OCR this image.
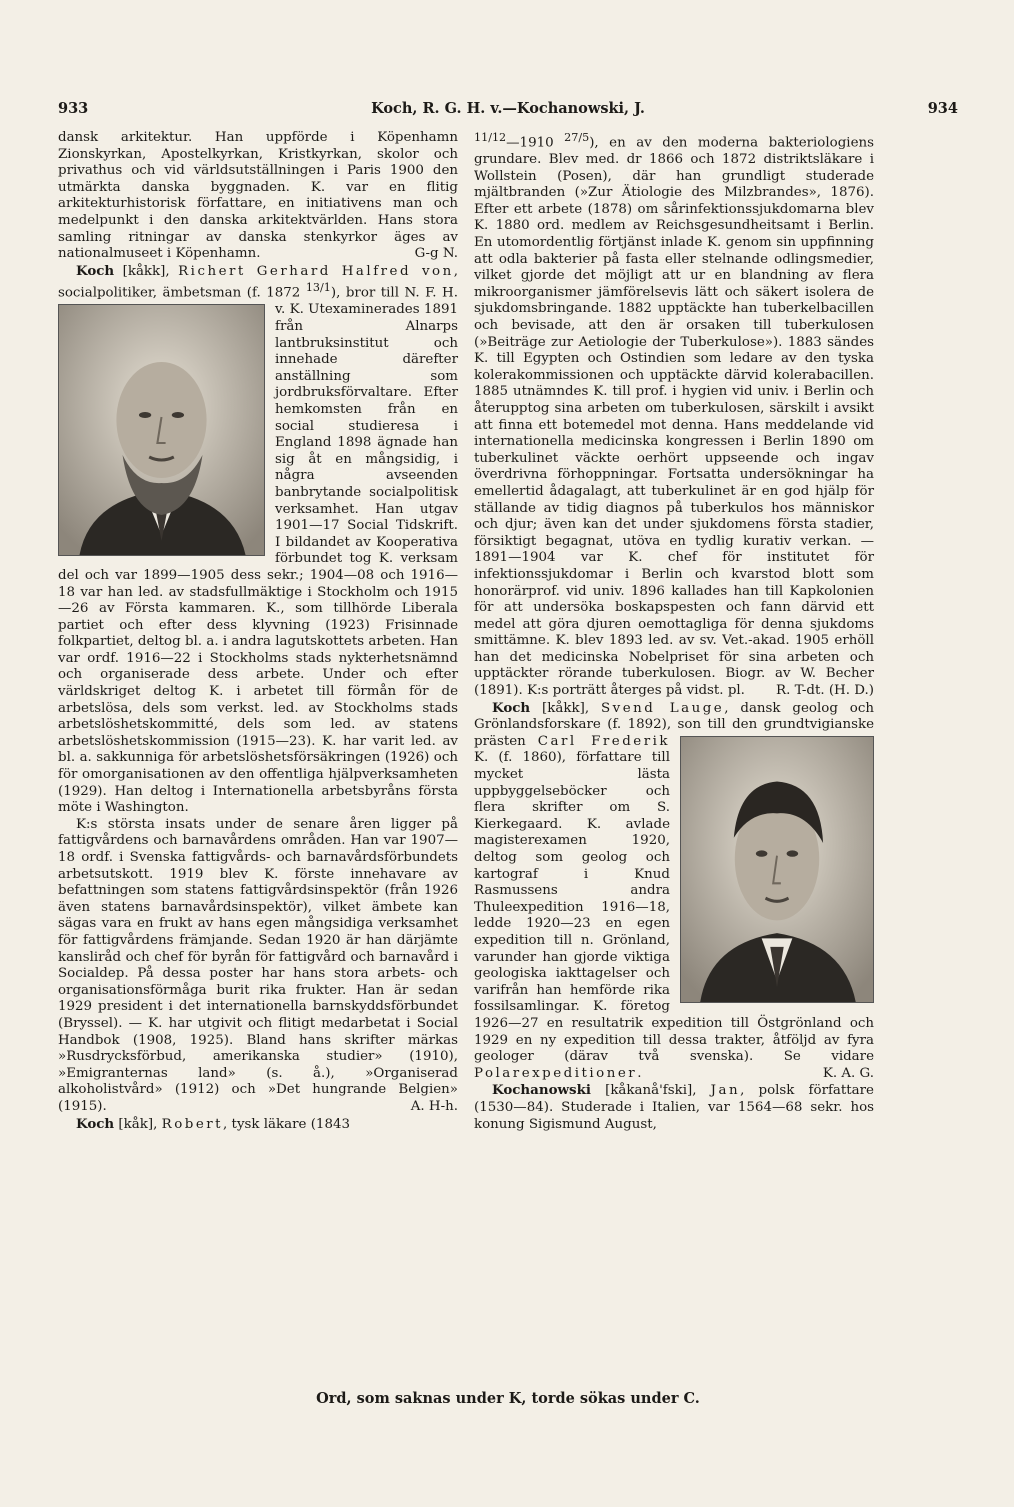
933	Koch, R. G. H. v.—Kochanowski, J.	934

dansk arkitektur. Han uppförde i Köpenhamn Zionskyrkan, Apostelkyrkan, Kristkyrkan, skolor och privathus och vid världsutställningen i Paris 1900 den utmärkta danska byggnaden. K. var en flitig arkitekturhistorisk författare, en initiativens man och medelpunkt i den danska arkitektvärlden. Hans stora samling ritningar av danska stenkyrkor äges av nationalmuseet i Köpenhamn.	G-g N.

Koch [kåkk], Richert Gerhard Halfred von, socialpolitiker, ämbetsman (f. 1872 $^{13/1}$
), bror till N. F. H. v. K. Utexaminerades 1891 från Alnarps lantbruksinstitut och innehade därefter anställning som jordbruksförvaltare. Efter hemkomsten från en social studieresa i England 1898 ägnade han sig åt en mångsidig, i några avseenden banbrytande socialpolitisk verksamhet. Han utgav 1901—17 Social Tidskrift. I bildandet av Kooperativa förbundet tog K. verksam del och var 1899—1905 dess sekr.; 1904—08 och 1916—18 var han led. av stadsfullmäktige i Stockholm och 1915—26 av Första kammaren. K., som tillhörde Liberala partiet och efter dess klyvning (1923) Frisinnade folkpartiet, deltog bl. a. i andra lagutskottets arbeten. Han var ordf. 1916—22 i Stockholms stads nykterhetsnämnd och organiserade dess arbete. Under och efter världskriget deltog K. i arbetet till förmån för de arbetslösa, dels som verkst. led. av Stockholms stads arbetslöshetskommitté, dels som led. av statens arbetslöshetskommission (1915—23). K. har varit led. av bl. a. sakkunniga för arbetslöshetsförsäkringen (1926) och för omorganisationen av den offentliga hjälpverksamheten (1929). Han deltog i Internationella arbetsbyråns första möte i Washington.

K:s största insats under de senare åren ligger på fattigvårdens och barnavårdens områden. Han var 1907—18 ordf. i Svenska fattigvårds- och barnavårdsförbundets arbetsutskott. 1919 blev K. förste innehavare av befattningen som statens fattigvårdsinspektör (från 1926 även statens barnavårdsinspektör), vilket ämbete kan sägas vara en frukt av hans egen mångsidiga verksamhet för fattigvårdens främjande. Sedan 1920 är han därjämte kansliråd och chef för byrån för fattigvård och barnavård i Socialdep. På dessa poster har hans stora arbets- och organisationsförmåga burit rika frukter. Han är sedan 1929 president i det internationella barnskyddsförbundet (Bryssel). — K. har utgivit och flitigt medarbetat i Social Handbok (1908, 1925). Bland hans skrifter märkas »Rusdrycksförbud, amerikanska studier» (1910), »Emigranternas land» (s. å.), »Organiserad alkoholistvård» (1912) och »Det hungrande Belgien» (1915).	A. H-h.

Koch [kåk], Robert, tysk läkare (1843

$^{11/12}$—1910 $^{27/5}$), en av den moderna bakteriologiens grundare. Blev med. dr 1866 och 1872 distriktsläkare i Wollstein (Posen), där han grundligt studerade mjältbranden (»Zur Ätiologie des Milzbrandes», 1876). Efter ett arbete (1878) om sårinfektionssjukdomarna blev K. 1880 ord. medlem av Reichsgesundheitsamt i Berlin. En utomordentlig förtjänst inlade K. genom sin uppfinning att odla bakterier på fasta eller stelnande odlingsmedier, vilket gjorde det möjligt att ur en blandning av flera mikroorganismer jämförelsevis lätt och säkert isolera de sjukdomsbringande. 1882 upptäckte han tuberkelbacillen och bevisade, att den är orsaken till tuberkulosen (»Beiträge zur Aetiologie der Tuberkulose»). 1883 sändes K. till Egypten och Ostindien som ledare av den tyska kolerakommissionen och upptäckte därvid kolerabacillen. 1885 utnämndes K. till prof. i hygien vid univ. i Berlin och återupptog sina arbeten om tuberkulosen, särskilt i avsikt att finna ett botemedel mot denna. Hans meddelande vid internationella medicinska kongressen i Berlin 1890 om tuberkulinet väckte oerhört uppseende och ingav överdrivna förhoppningar. Fortsatta undersökningar ha emellertid ådagalagt, att tuberkulinet är en god hjälp för ställande av tidig diagnos på tuberkulos hos människor och djur; även kan det under sjukdomens första stadier, försiktigt begagnat, utöva en tydlig kurativ verkan. — 1891—1904 var K. chef för institutet för infektionssjukdomar i Berlin och kvarstod blott som honorärprof. vid univ. 1896 kallades han till Kapkolonien för att undersöka boskapspesten och fann därvid ett medel att göra djuren oemottagliga för denna sjukdoms smittämne. K. blev 1893 led. av sv. Vet.-akad. 1905 erhöll han det medicinska Nobelpriset för sina arbeten och upptäckter rörande tuberkulosen. Biogr. av W. Becher (1891). K:s porträtt återges på vidst. pl. R. T-dt. (H. D.)

Koch [kåkk], Svend Lauge, dansk geolog och Grönlandsforskare (f. 1892), son till den grundtvigianske prästen Carl Frederik
K. (f. 1860), författare till mycket lästa uppbyggelseböcker och flera skrifter om S. Kierkegaard. K. avlade magisterexamen 1920, deltog som geolog och kartograf i Knud Rasmussens andra Thuleexpedition 1916—18, ledde 1920—23 en egen expedition till n. Grönland, varunder han gjorde viktiga geologiska iakttagelser och varifrån han hemförde rika fossilsamlingar. K. företog 1926—27 en resultatrik expedition till Östgrönland och 1929 en ny expedition till dessa trakter, åtföljd av fyra geologer (därav två svenska). Se vidare Polarexpeditioner.	K. A. G.

Kochanowski [kåkanå'fski], Jan, polsk författare (1530—84). Studerade i Italien, var 1564—68 sekr. hos konung Sigismund August,

Ord, som saknas under K, torde sökas under C.
